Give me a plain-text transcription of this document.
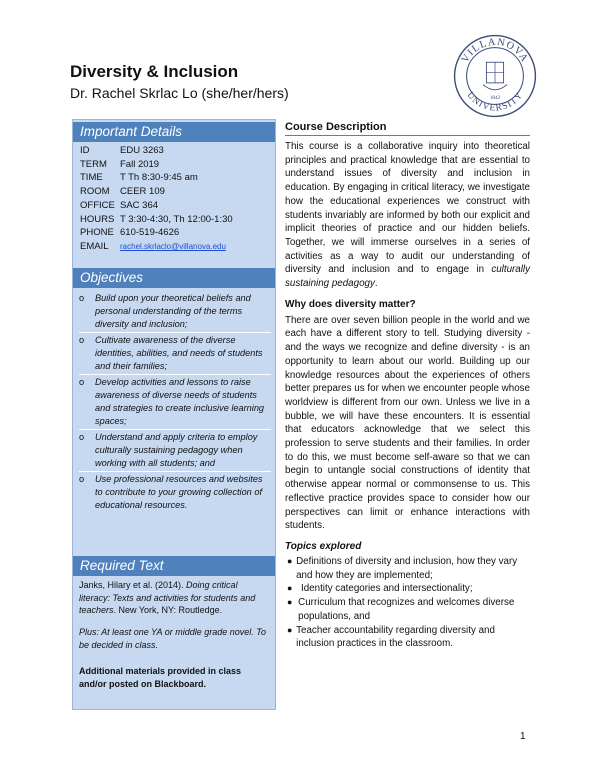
Diversity & Inclusion
Dr. Rachel Skrlac Lo (she/her/hers)
VILLANOVA
UNIVERSITY
1842
Important Details
ID	EDU 3263
TERM	Fall 2019
TIME	T Th 8:30-9:45 am
ROOM	CEER 109
OFFICE SAC 364
HOURS T 3:30-4:30, Th 12:00-1:30
PHONE 610-519-4626
EMAIL	rachel.skrlaclo@villanova.edu
Objectives
o	Build upon your theoretical beliefs and personal understanding of the terms diversity and inclusion;
o	Cultivate awareness of the diverse identities, abilities, and needs of students and their families;
o	Develop activities and lessons to raise awareness of diverse needs of students and strategies to create inclusive learning spaces;
o	Understand and apply criteria to employ culturally sustaining pedagogy when working with all students; and
o	Use professional resources and websites to contribute to your growing collection of educational resources.
Required Text
Janks, Hilary et al. (2014). Doing critical literacy: Texts and activities for students and teachers. New York, NY: Routledge.
Plus: At least one YA or middle grade novel. To be decided in class.
Additional materials provided in class and/or posted on Blackboard.
Course Description
This course is a collaborative inquiry into theoretical principles and practical knowledge that are essential to understand issues of diversity and inclusion in education. By engaging in critical literacy, we investigate how the educational experiences we construct with students invariably are informed by both our explicit and implicit theories of practice and our hidden beliefs. Together, we will immerse ourselves in a series of activities as a way to audit our understanding of diversity and inclusion and to engage in culturally sustaining pedagogy.
Why does diversity matter?
There are over seven billion people in the world and we each have a different story to tell. Studying diversity - and the ways we recognize and define diversity - is an opportunity to learn about our world. Building up our knowledge resources about the experiences of others better prepares us for when we encounter people whose worldview is different from our own. Unless we live in a bubble, we will have these encounters. It is essential that educators acknowledge that we select this profession to serve students and their families. In order to do this, we must become self-aware so that we can begin to untangle social constructions of identity that otherwise appear normal or commonsense to us. This reflective practice provides space to consider how our perspectives can limit or enhance interactions with students.
Topics explored
● Definitions of diversity and inclusion, how they vary and how they are implemented;
● Identity categories and intersectionality;
● Curriculum that recognizes and welcomes diverse populations, and
● Teacher accountability regarding diversity and inclusion practices in the classroom.
1
